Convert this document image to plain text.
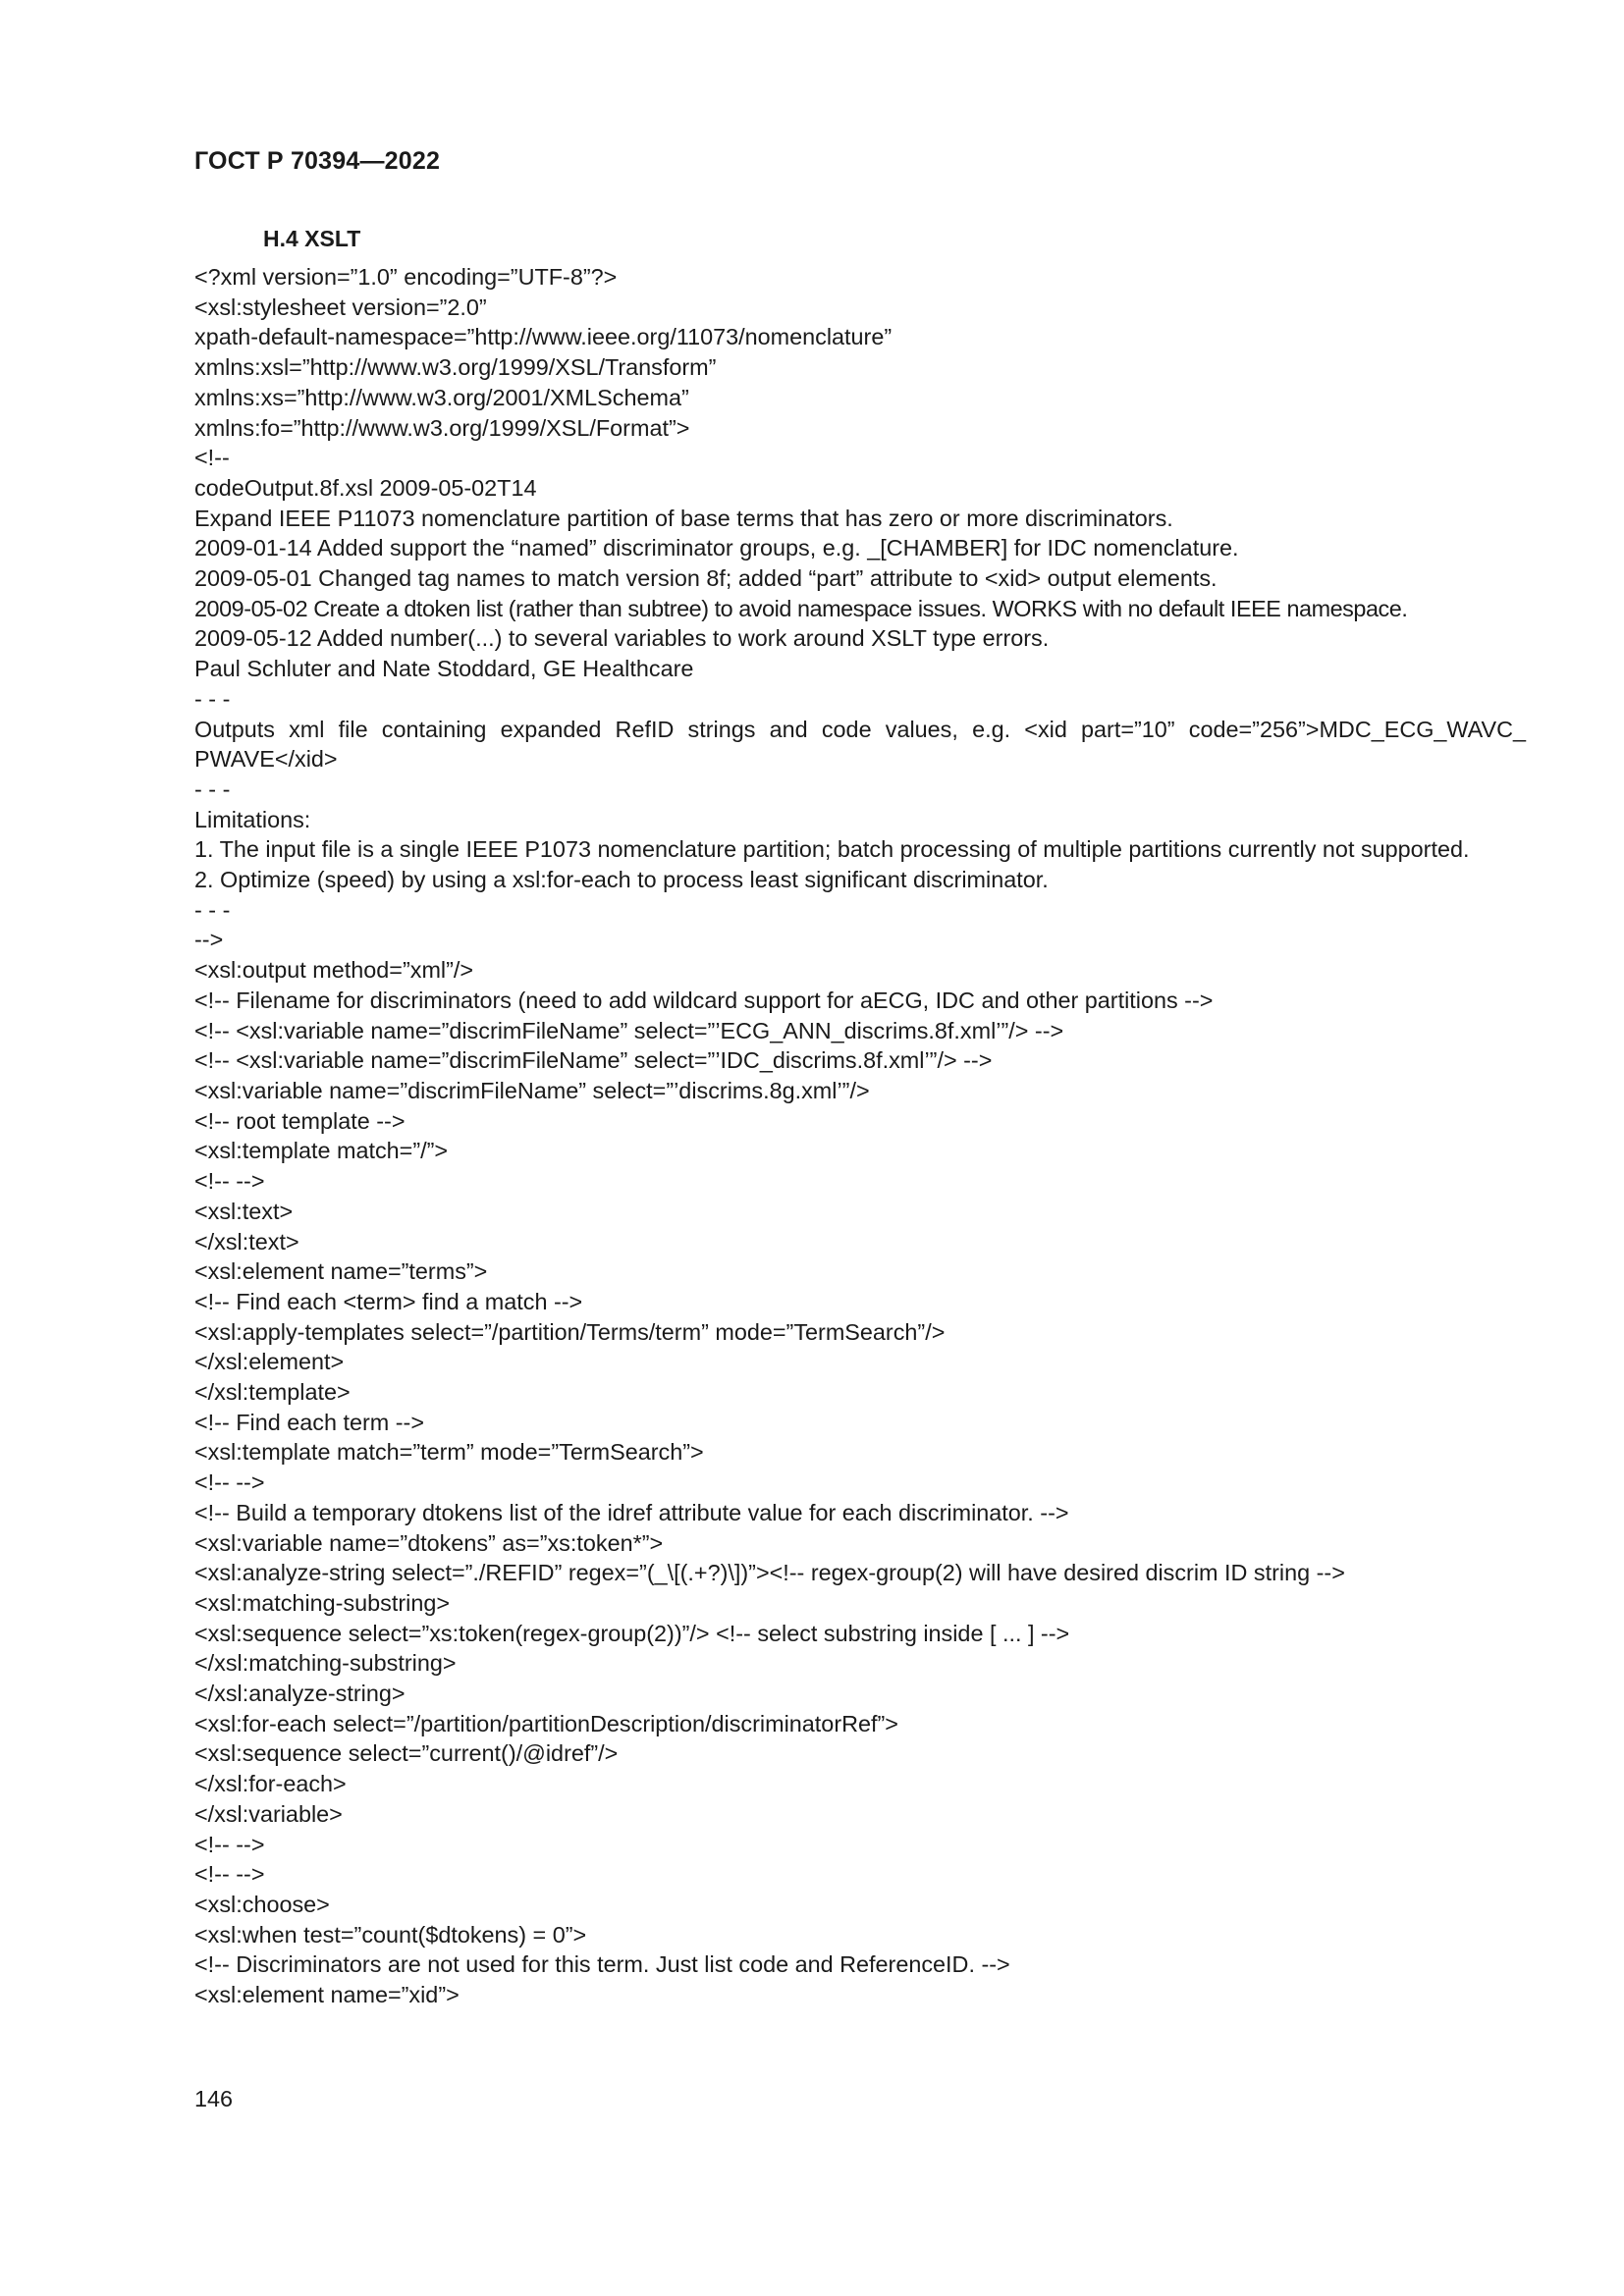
ГОСТ Р 70394—2022
H.4 XSLT
<?xml version=”1.0” encoding=”UTF-8”?>
<xsl:stylesheet version=”2.0”
xpath-default-namespace=”http://www.ieee.org/11073/nomenclature”
xmlns:xsl=”http://www.w3.org/1999/XSL/Transform”
xmlns:xs=”http://www.w3.org/2001/XMLSchema”
xmlns:fo=”http://www.w3.org/1999/XSL/Format”>
<!--
codeOutput.8f.xsl 2009-05-02T14
Expand IEEE P11073 nomenclature partition of base terms that has zero or more discriminators.
2009-01-14 Added support the “named” discriminator groups, e.g. _[CHAMBER] for IDC nomenclature.
2009-05-01 Changed tag names to match version 8f; added “part” attribute to <xid> output elements.
2009-05-02 Create a dtoken list (rather than subtree) to avoid namespace issues. WORKS with no default IEEE namespace.
2009-05-12 Added number(...) to several variables to work around XSLT type errors.
Paul Schluter and Nate Stoddard, GE Healthcare
- - -
Outputs xml file containing expanded RefID strings and code values, e.g. <xid part=”10” code=”256”>MDC_ECG_WAVC_ PWAVE</xid>
- - -
Limitations:
1. The input file is a single IEEE P1073 nomenclature partition; batch processing of multiple partitions currently not supported.
2. Optimize (speed) by using a xsl:for-each to process least significant discriminator.
- - -
-->
<xsl:output method=”xml”/>
<!-- Filename for discriminators (need to add wildcard support for aECG, IDC and other partitions -->
<!-- <xsl:variable name=”discrimFileName” select=”’ECG_ANN_discrims.8f.xml’”/> -->
<!-- <xsl:variable name=”discrimFileName” select=”’IDC_discrims.8f.xml’”/> -->
<xsl:variable name=”discrimFileName” select=”’discrims.8g.xml’”/>
<!-- root template -->
<xsl:template match=”/”>
<!-- -->
<xsl:text>
</xsl:text>
<xsl:element name=”terms”>
<!-- Find each <term> find a match -->
<xsl:apply-templates select=”/partition/Terms/term” mode=”TermSearch”/>
</xsl:element>
</xsl:template>
<!-- Find each term -->
<xsl:template match=”term” mode=”TermSearch”>
<!-- -->
<!-- Build a temporary dtokens list of the idref attribute value for each discriminator. -->
<xsl:variable name=”dtokens” as=”xs:token*”>
<xsl:analyze-string select=”./REFID” regex=”(_\[(.+?)\])”><!-- regex-group(2) will have desired discrim ID string -->
<xsl:matching-substring>
<xsl:sequence select=”xs:token(regex-group(2))”/> <!-- select substring inside [ ... ] -->
</xsl:matching-substring>
</xsl:analyze-string>
<xsl:for-each select=”/partition/partitionDescription/discriminatorRef”>
<xsl:sequence select=”current()/@idref”/>
</xsl:for-each>
</xsl:variable>
<!-- -->
<!-- -->
<xsl:choose>
<xsl:when test=”count($dtokens) = 0”>
<!-- Discriminators are not used for this term. Just list code and ReferenceID. -->
<xsl:element name=”xid”>
146
